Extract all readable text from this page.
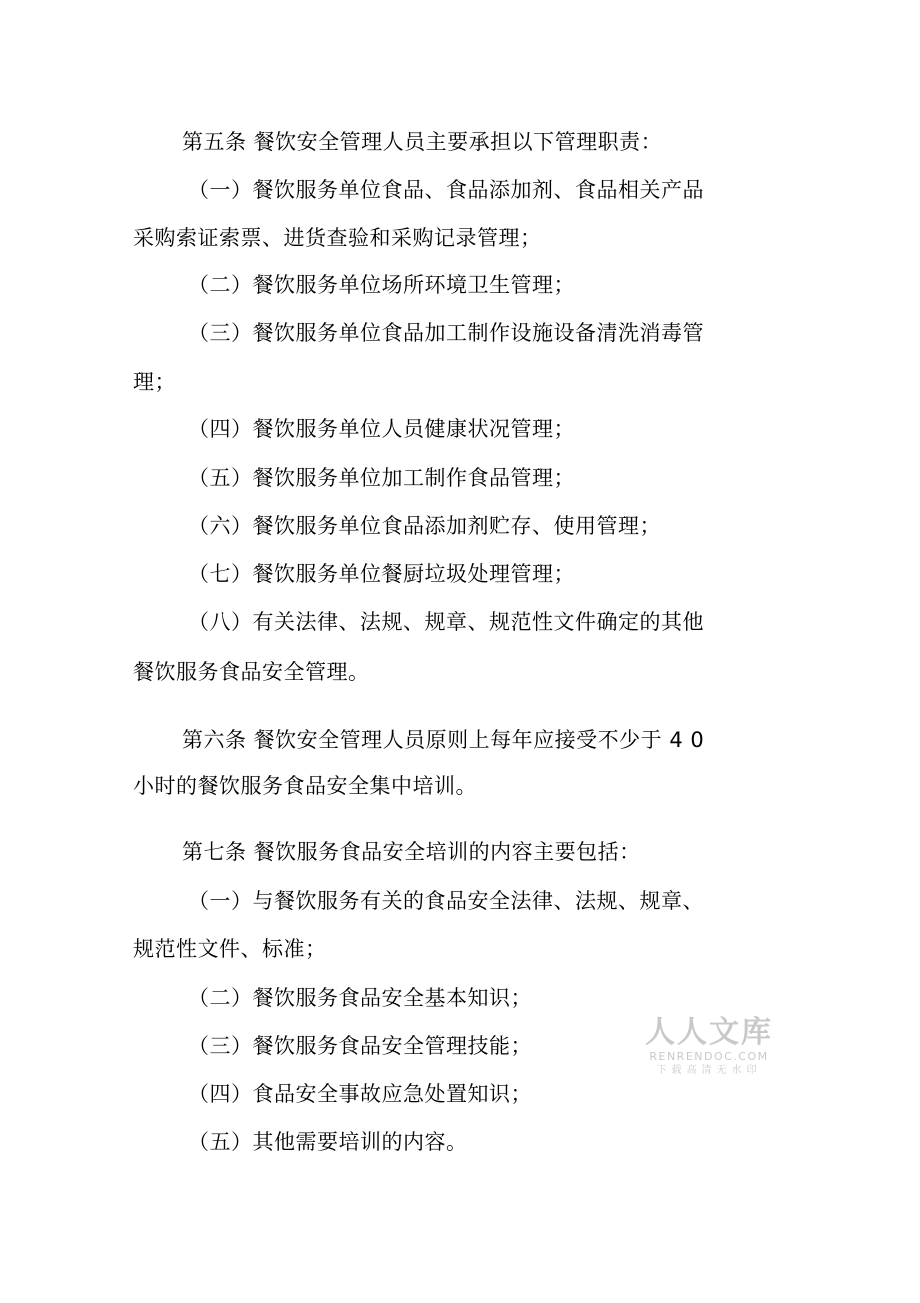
第五条 餐饮安全管理人员主要承担以下管理职责：
（一）餐饮服务单位食品、食品添加剂、食品相关产品
采购索证索票、进货查验和采购记录管理；
（二）餐饮服务单位场所环境卫生管理；
（三）餐饮服务单位食品加工制作设施设备清洗消毒管
理；
（四）餐饮服务单位人员健康状况管理；
（五）餐饮服务单位加工制作食品管理；
（六）餐饮服务单位食品添加剂贮存、使用管理；
（七）餐饮服务单位餐厨垃圾处理管理；
（八）有关法律、法规、规章、规范性文件确定的其他
餐饮服务食品安全管理。
第六条 餐饮安全管理人员原则上每年应接受不少于 4 0
小时的餐饮服务食品安全集中培训。
第七条 餐饮服务食品安全培训的内容主要包括：
（一）与餐饮服务有关的食品安全法律、法规、规章、
规范性文件、标准；
（二）餐饮服务食品安全基本知识；
（三）餐饮服务食品安全管理技能；
（四）食品安全事故应急处置知识；
（五）其他需要培训的内容。
人人文库
RENRENDOC.COM
下载高清无水印
